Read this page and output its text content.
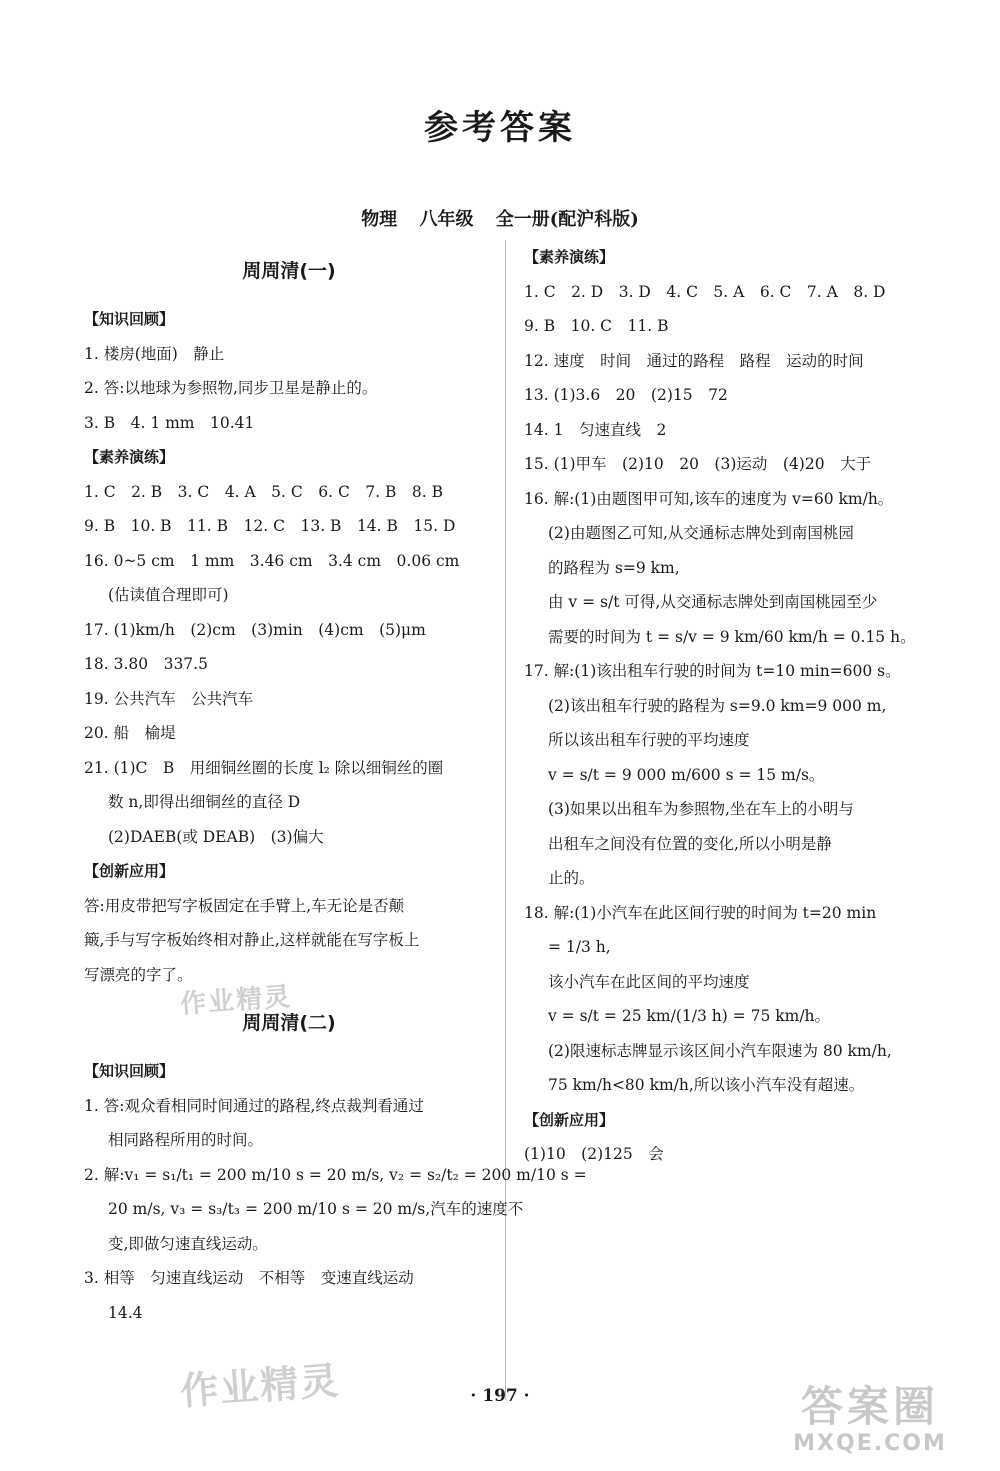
参考答案
物理 八年级 全一册(配沪科版)
周周清(一)
【知识回顾】
1. 楼房(地面)　静止
2. 答:以地球为参照物,同步卫星是静止的。
3. B　4. 1 mm　10.41
【素养演练】
1. C　2. B　3. C　4. A　5. C　6. C　7. B　8. B
9. B　10. B　11. B　12. C　13. B　14. B　15. D
16. 0~5 cm　1 mm　3.46 cm　3.4 cm　0.06 cm
(估读值合理即可)
17. (1)km/h　(2)cm　(3)min　(4)cm　(5)μm
18. 3.80　337.5
19. 公共汽车　公共汽车
20. 船　榆堤
21. (1)C　B　用细铜丝圈的长度 l₂ 除以细铜丝的圈
数 n,即得出细铜丝的直径 D
(2)DAEB(或 DEAB)　(3)偏大
【创新应用】
答:用皮带把写字板固定在手臂上,车无论是否颠
簸,手与写字板始终相对静止,这样就能在写字板上
写漂亮的字了。
周周清(二)
【知识回顾】
1. 答:观众看相同时间通过的路程,终点裁判看通过
相同路程所用的时间。
2. 解:v₁ = s₁/t₁ = 200 m/10 s = 20 m/s, v₂ = s₂/t₂ = 200 m/10 s =
20 m/s, v₃ = s₃/t₃ = 200 m/10 s = 20 m/s,汽车的速度不
变,即做匀速直线运动。
3. 相等　匀速直线运动　不相等　变速直线运动
14.4
【素养演练】
1. C　2. D　3. D　4. C　5. A　6. C　7. A　8. D
9. B　10. C　11. B
12. 速度　时间　通过的路程　路程　运动的时间
13. (1)3.6　20　(2)15　72
14. 1　匀速直线　2
15. (1)甲车　(2)10　20　(3)运动　(4)20　大于
16. 解:(1)由题图甲可知,该车的速度为 v=60 km/h。
(2)由题图乙可知,从交通标志牌处到南国桃园
的路程为 s=9 km,
由 v = s/t 可得,从交通标志牌处到南国桃园至少
需要的时间为 t = s/v = 9 km/60 km/h = 0.15 h。
17. 解:(1)该出租车行驶的时间为 t=10 min=600 s。
(2)该出租车行驶的路程为 s=9.0 km=9 000 m,
所以该出租车行驶的平均速度
v = s/t = 9 000 m/600 s = 15 m/s。
(3)如果以出租车为参照物,坐在车上的小明与
出租车之间没有位置的变化,所以小明是静
止的。
18. 解:(1)小汽车在此区间行驶的时间为 t=20 min
= 1/3 h,
该小汽车在此区间的平均速度
v = s/t = 25 km/(1/3 h) = 75 km/h。
(2)限速标志牌显示该区间小汽车限速为 80 km/h,
75 km/h<80 km/h,所以该小汽车没有超速。
【创新应用】
(1)10　(2)125　会
作业精灵
作业精灵	· 197 ·	答案圈
MXQE.COM
